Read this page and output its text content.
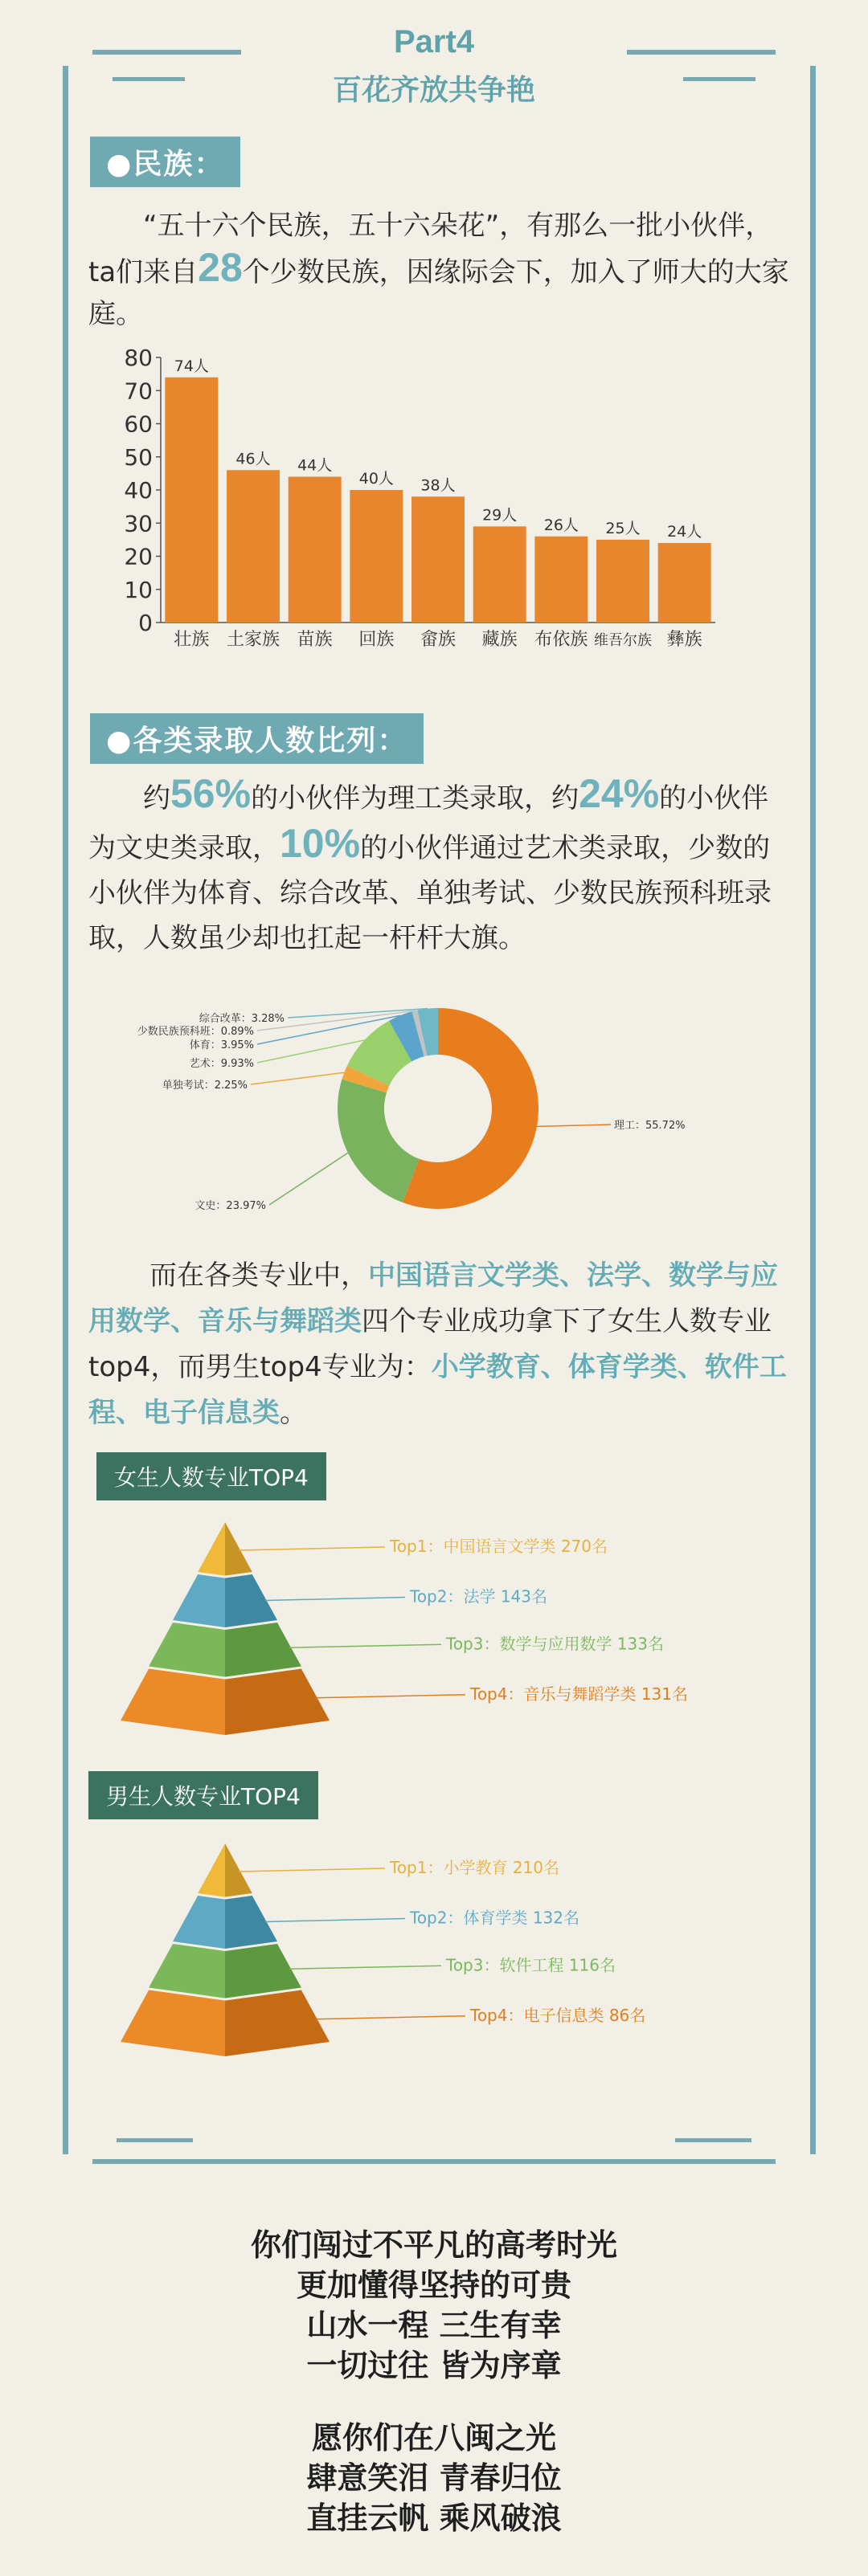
Part4
百花齐放共争艳
●民族：
“五十六个民族，五十六朵花”，有那么一批小伙伴，ta们来自28个少数民族，因缘际会下，加入了师大的大家庭。
0
10
20
30
40
50
60
70
80 74人
壮族
46人
土家族
44人
苗族
40人
回族
38人
畲族
29人
藏族
26人
布依族
25人
维吾尔族
24人
彝族
●各类录取人数比列：
约56%的小伙伴为理工类录取，约24%的小伙伴为文史类录取，10%的小伙伴通过艺术类录取，少数的小伙伴为体育、综合改革、单独考试、少数民族预科班录取，人数虽少却也扛起一杆杆大旗。
理工：55.72%
文史：23.97%
单独考试：2.25%
艺术：9.93%
体育：3.95%
少数民族预科班：0.89%
综合改革：3.28%
而在各类专业中，中国语言文学类、法学、数学与应用数学、音乐与舞蹈类四个专业成功拿下了女生人数专业top4，而男生top4专业为：小学教育、体育学类、软件工程、电子信息类。
女生人数专业TOP4
Top1：中国语言文学类 270名
Top2：法学 143名
Top3：数学与应用数学 133名
Top4：音乐与舞蹈学类 131名
男生人数专业TOP4
Top1：小学教育 210名
Top2：体育学类 132名
Top3：软件工程 116名
Top4：电子信息类 86名
你们闯过不平凡的高考时光
更加懂得坚持的可贵
山水一程 三生有幸
一切过往 皆为序章
愿你们在八闽之光
肆意笑泪 青春归位
直挂云帆 乘风破浪
